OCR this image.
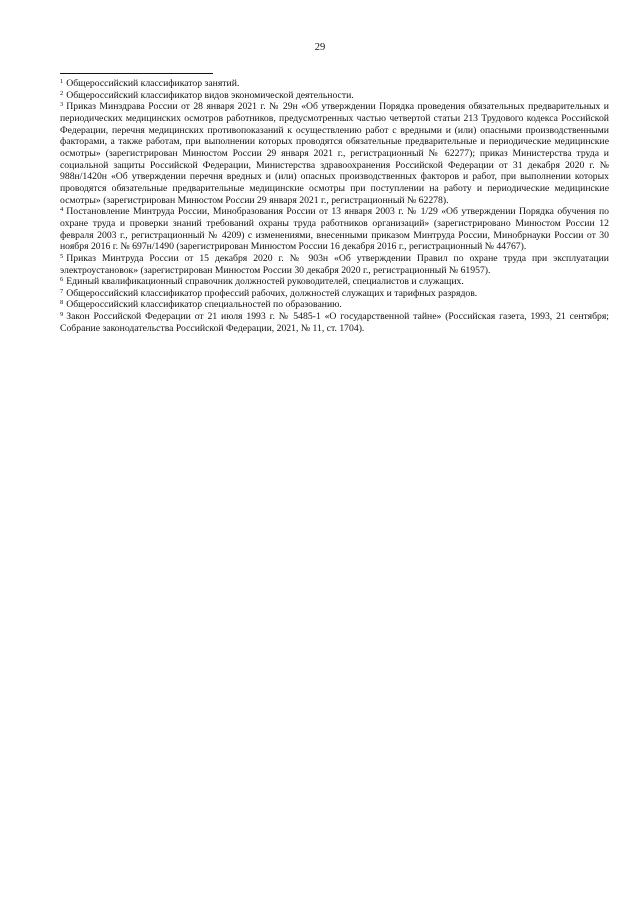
29

$^1$ Общероссийский классификатор занятий.

$^2$ Общероссийский классификатор видов экономической деятельности.

$^3$ Приказ Минздрава России от 28 января 2021 г. № 29н «Об утверждении Порядка проведения обязательных предварительных и периодических медицинских осмотров работников, предусмотренных частью четвертой статьи 213 Трудового кодекса Российской Федерации, перечня медицинских противопоказаний к осуществлению работ с вредными и (или) опасными производственными факторами, а также работам, при выполнении которых проводятся обязательные предварительные и периодические медицинские осмотры» (зарегистрирован Минюстом России 29 января 2021 г., регистрационный № 62277); приказ Министерства труда и социальной защиты Российской Федерации, Министерства здравоохранения Российской Федерации от 31 декабря 2020 г. № 988н/1420н «Об утверждении перечня вредных и (или) опасных производственных факторов и работ, при выполнении которых проводятся обязательные предварительные медицинские осмотры при поступлении на работу и периодические медицинские осмотры» (зарегистрирован Минюстом России 29 января 2021 г., регистрационный № 62278).

$^4$ Постановление Минтруда России, Минобразования России от 13 января 2003 г. № 1/29 «Об утверждении Порядка обучения по охране труда и проверки знаний требований охраны труда работников организаций» (зарегистрировано Минюстом России 12 февраля 2003 г., регистрационный № 4209) с изменениями, внесенными приказом Минтруда России, Минобрнауки России от 30 ноября 2016 г. № 697н/1490 (зарегистрирован Минюстом России 16 декабря 2016 г., регистрационный № 44767).

$^5$ Приказ Минтруда России от 15 декабря 2020 г. № 903н «Об утверждении Правил по охране труда при эксплуатации электроустановок» (зарегистрирован Минюстом России 30 декабря 2020 г., регистрационный № 61957).

$^6$ Единый квалификационный справочник должностей руководителей, специалистов и служащих.

$^7$ Общероссийский классификатор профессий рабочих, должностей служащих и тарифных разрядов.

$^8$ Общероссийский классификатор специальностей по образованию.

$^9$ Закон Российской Федерации от 21 июля 1993 г. № 5485-1 «О государственной тайне» (Российская газета, 1993, 21 сентября; Собрание законодательства Российской Федерации, 2021, № 11, ст. 1704).
